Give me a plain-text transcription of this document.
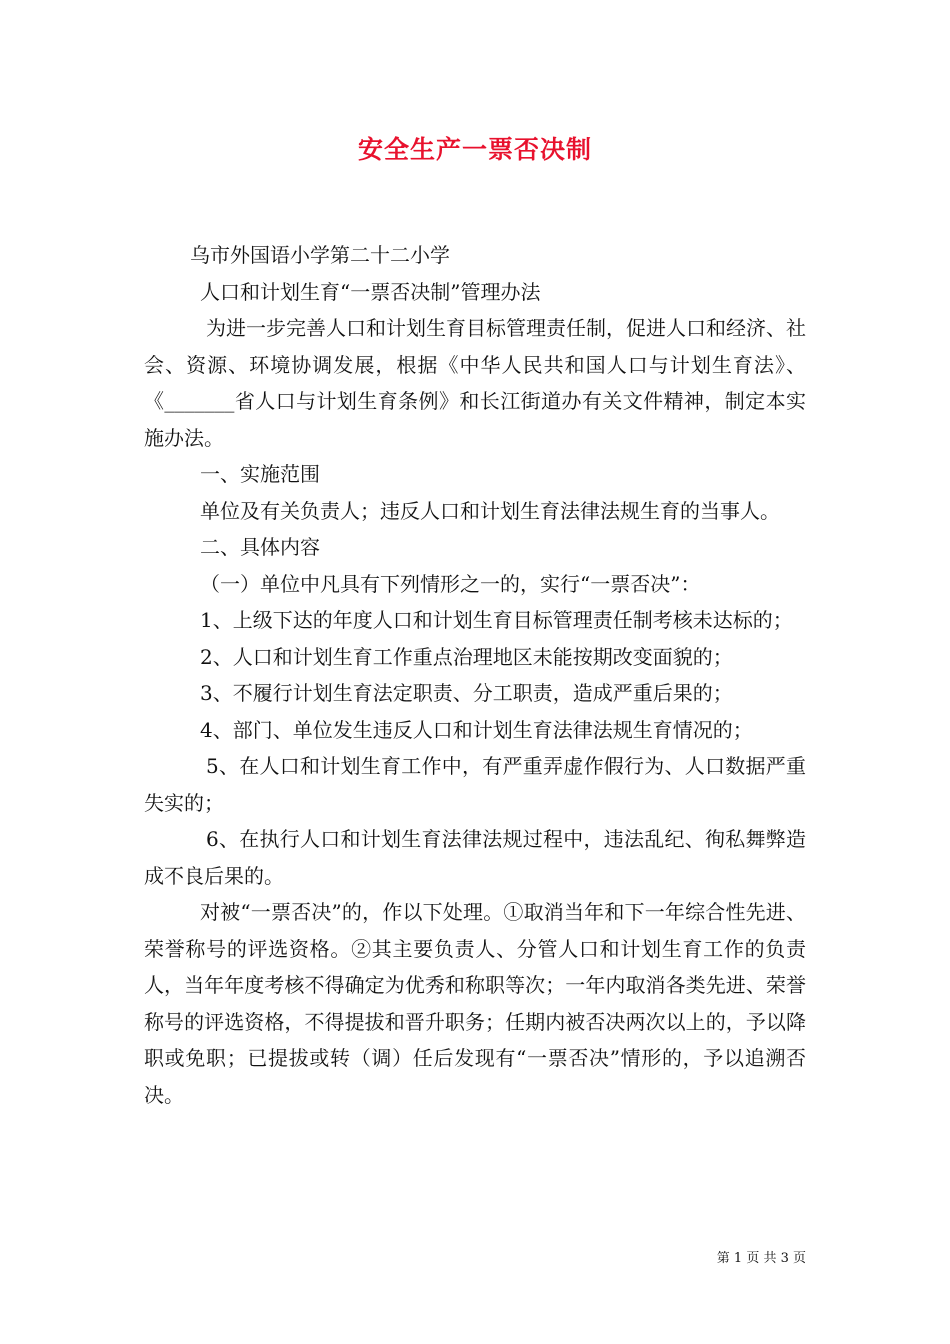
安全生产一票否决制

乌市外国语小学第二十二小学

人口和计划生育“一票否决制”管理办法

为进一步完善人口和计划生育目标管理责任制，促进人口和经济、社会、资源、环境协调发展，根据《中华人民共和国人口与计划生育法》、《_______省人口与计划生育条例》和长江街道办有关文件精神，制定本实施办法。

一、实施范围

单位及有关负责人；违反人口和计划生育法律法规生育的当事人。

二、具体内容

（一）单位中凡具有下列情形之一的，实行“一票否决”：

1、上级下达的年度人口和计划生育目标管理责任制考核未达标的；

2、人口和计划生育工作重点治理地区未能按期改变面貌的；

3、不履行计划生育法定职责、分工职责，造成严重后果的；

4、部门、单位发生违反人口和计划生育法律法规生育情况的；

5、在人口和计划生育工作中，有严重弄虚作假行为、人口数据严重失实的；

6、在执行人口和计划生育法律法规过程中，违法乱纪、徇私舞弊造成不良后果的。

对被“一票否决”的，作以下处理。①取消当年和下一年综合性先进、荣誉称号的评选资格。②其主要负责人、分管人口和计划生育工作的负责人，当年年度考核不得确定为优秀和称职等次；一年内取消各类先进、荣誉称号的评选资格，不得提拔和晋升职务；任期内被否决两次以上的，予以降职或免职；已提拔或转（调）任后发现有“一票否决”情形的，予以追溯否决。

第 1 页 共 3 页
